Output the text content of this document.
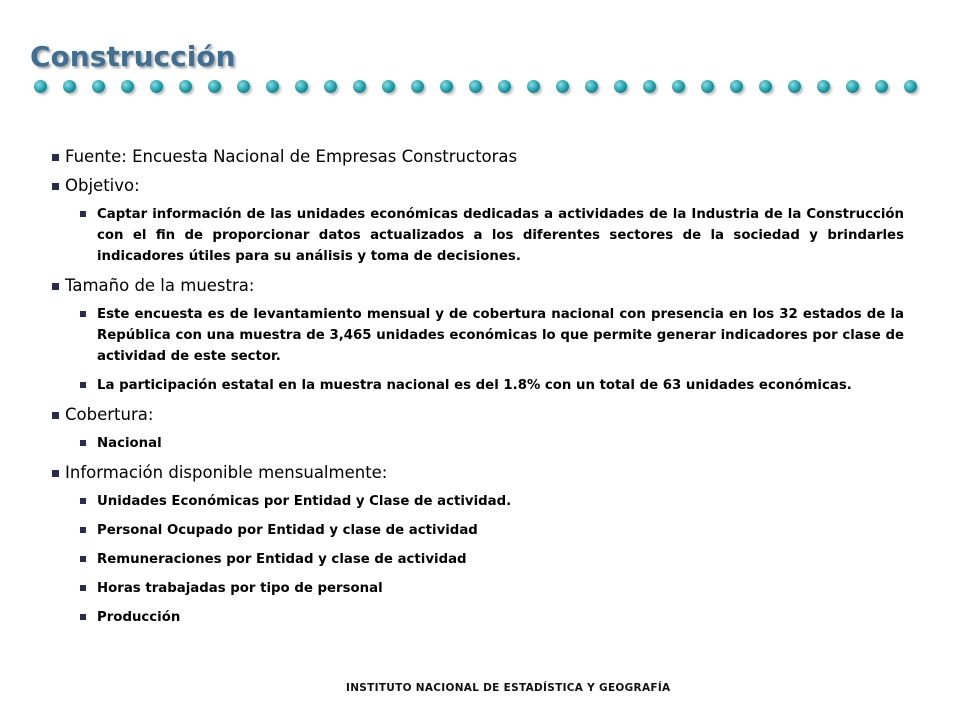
Construcción
Fuente: Encuesta Nacional de Empresas Constructoras
Objetivo:
Captar información de las unidades económicas dedicadas a actividades de la Industria de la Construcción con el fin de proporcionar datos actualizados a los diferentes sectores de la sociedad y brindarles indicadores útiles para su análisis y toma de decisiones.
Tamaño de la muestra:
Este encuesta es de levantamiento mensual y de cobertura nacional con presencia en los 32 estados de la República con una muestra de 3,465 unidades económicas lo que permite generar indicadores por clase de actividad de este sector.
La participación estatal en la muestra nacional es del 1.8% con un total de 63 unidades económicas.
Cobertura:
Nacional
Información disponible mensualmente:
Unidades Económicas por Entidad y Clase de actividad.
Personal Ocupado por Entidad y clase de actividad
Remuneraciones por Entidad y clase de actividad
Horas trabajadas por tipo de personal
Producción
INSTITUTO NACIONAL DE ESTADÍSTICA Y GEOGRAFÍA
